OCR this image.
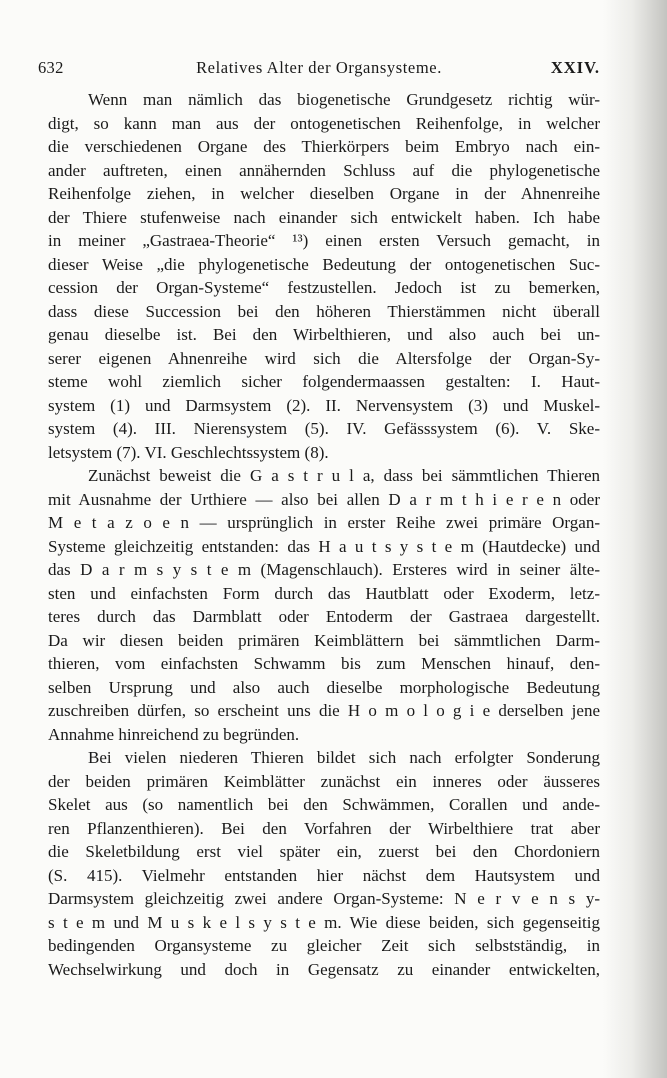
632	Relatives Alter der Organsysteme.	XXIV.
Wenn man nämlich das biogenetische Grundgesetz richtig wür-
digt, so kann man aus der ontogenetischen Reihenfolge, in welcher
die verschiedenen Organe des Thierkörpers beim Embryo nach ein-
ander auftreten, einen annähernden Schluss auf die phylogenetische
Reihenfolge ziehen, in welcher dieselben Organe in der Ahnenreihe
der Thiere stufenweise nach einander sich entwickelt haben. Ich habe
in meiner „Gastraea-Theorie“ ¹³) einen ersten Versuch gemacht, in
dieser Weise „die phylogenetische Bedeutung der ontogenetischen Suc-
cession der Organ-Systeme“ festzustellen. Jedoch ist zu bemerken,
dass diese Succession bei den höheren Thierstämmen nicht überall
genau dieselbe ist. Bei den Wirbelthieren, und also auch bei un-
serer eigenen Ahnenreihe wird sich die Altersfolge der Organ-Sy-
steme wohl ziemlich sicher folgendermaassen gestalten: I. Haut-
system (1) und Darmsystem (2). II. Nervensystem (3) und Muskel-
system (4). III. Nierensystem (5). IV. Gefässsystem (6). V. Ske-
letsystem (7). VI. Geschlechtssystem (8).
Zunächst beweist die G a s t r u l a, dass bei sämmtlichen Thieren
mit Ausnahme der Urthiere — also bei allen D a r m t h i e r e n oder
M e t a z o e n — ursprünglich in erster Reihe zwei primäre Organ-
Systeme gleichzeitig entstanden: das H a u t s y s t e m (Hautdecke) und
das D a r m s y s t e m (Magenschlauch). Ersteres wird in seiner älte-
sten und einfachsten Form durch das Hautblatt oder Exoderm, letz-
teres durch das Darmblatt oder Entoderm der Gastraea dargestellt.
Da wir diesen beiden primären Keimblättern bei sämmtlichen Darm-
thieren, vom einfachsten Schwamm bis zum Menschen hinauf, den-
selben Ursprung und also auch dieselbe morphologische Bedeutung
zuschreiben dürfen, so erscheint uns die H o m o l o g i e derselben jene
Annahme hinreichend zu begründen.
Bei vielen niederen Thieren bildet sich nach erfolgter Sonderung
der beiden primären Keimblätter zunächst ein inneres oder äusseres
Skelet aus (so namentlich bei den Schwämmen, Corallen und ande-
ren Pflanzenthieren). Bei den Vorfahren der Wirbelthiere trat aber
die Skeletbildung erst viel später ein, zuerst bei den Chordoniern
(S. 415). Vielmehr entstanden hier nächst dem Hautsystem und
Darmsystem gleichzeitig zwei andere Organ-Systeme: N e r v e n s y-
s t e m und M u s k e l s y s t e m. Wie diese beiden, sich gegenseitig
bedingenden Organsysteme zu gleicher Zeit sich selbstständig, in
Wechselwirkung und doch in Gegensatz zu einander entwickelten,
